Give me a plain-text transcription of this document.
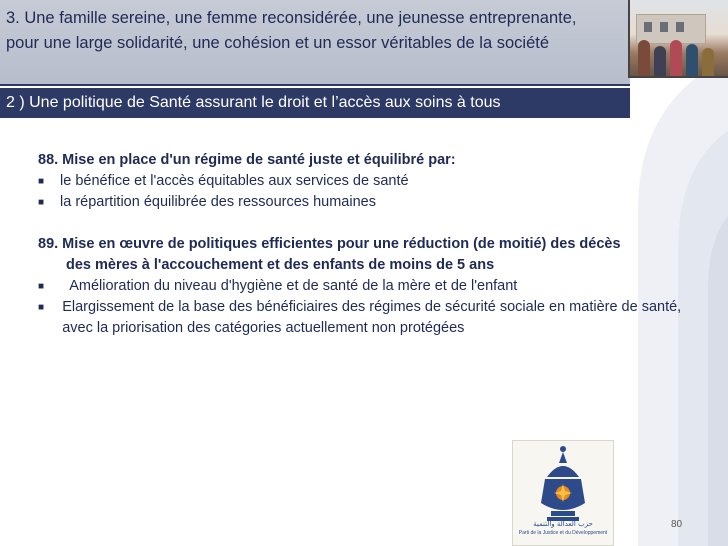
3. Une famille sereine, une femme reconsidérée, une jeunesse entreprenante, pour une large solidarité, une cohésion et un essor véritables de la société
2 ) Une politique de Santé assurant le droit et l’accès aux soins à tous
88. Mise en place d'un régime de santé juste et équilibré par:
■ le bénéfice et l'accès équitables aux services de santé
■ la répartition équilibrée des ressources humaines
89. Mise en œuvre de politiques efficientes pour une réduction (de moitié) des décès
des mères à l'accouchement et des enfants de moins de 5 ans
■ Amélioration du niveau d'hygiène et de santé de la mère et de l'enfant
■ Elargissement de la base des bénéficiaires des régimes de sécurité sociale en matière de santé, avec la priorisation des catégories actuellement non protégées
حزب العدالة والتنمية
Parti de la Justice et du Développement
80
